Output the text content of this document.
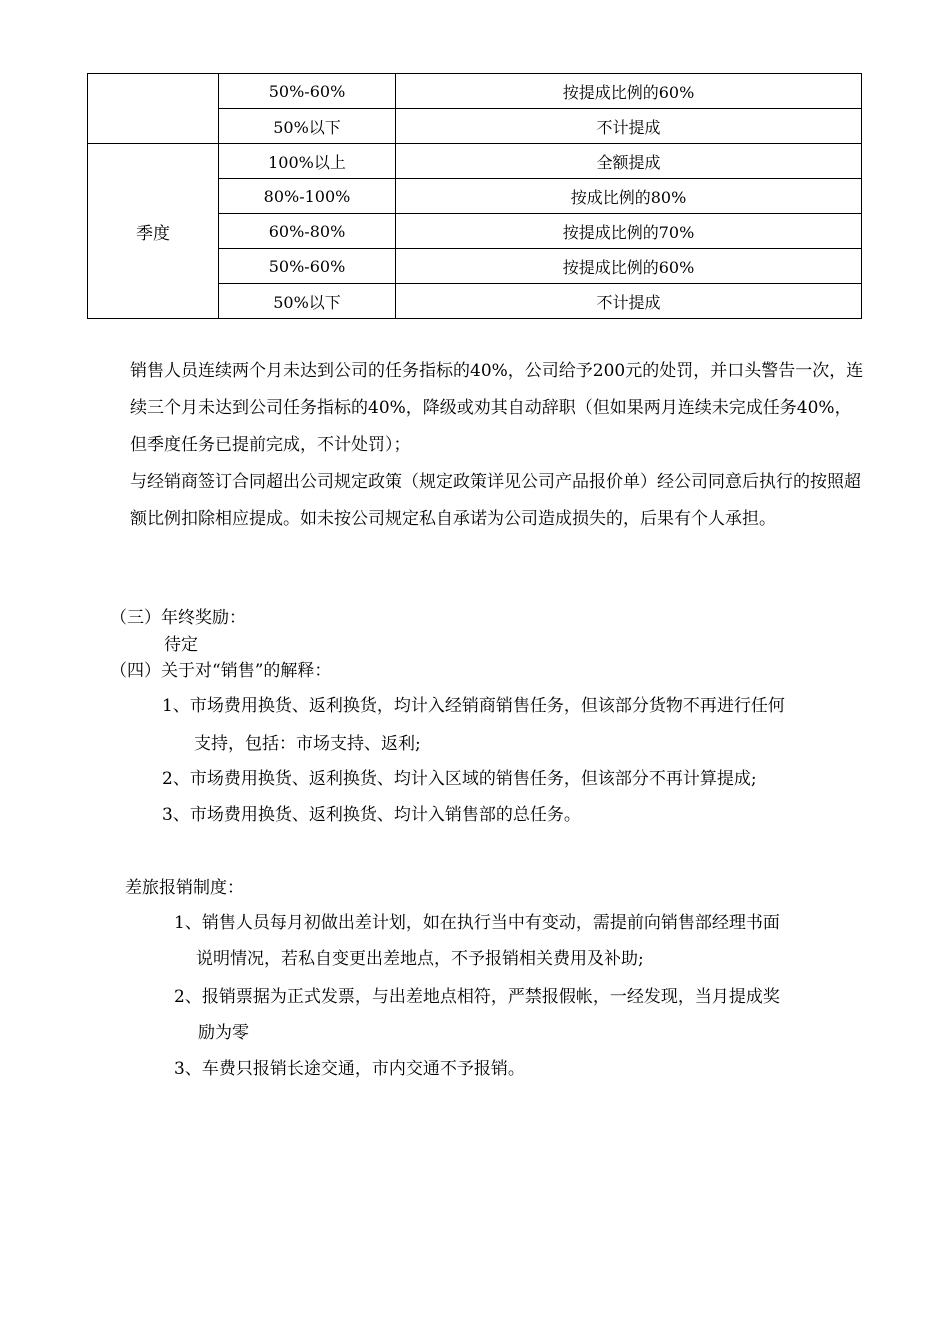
	50%-60%	按提成比例的60%
	50%以下	不计提成
季度	100%以上	全额提成
	80%-100%	按成比例的80%
	60%-80%	按提成比例的70%
	50%-60%	按提成比例的60%
	50%以下	不计提成
销售人员连续两个月未达到公司的任务指标的40%，公司给予200元的处罚，并口头警告一次，连续三个月未达到公司任务指标的40%，降级或劝其自动辞职（但如果两月连续未完成任务40%，但季度任务已提前完成，不计处罚）；
与经销商签订合同超出公司规定政策（规定政策详见公司产品报价单）经公司同意后执行的按照超额比例扣除相应提成。如未按公司规定私自承诺为公司造成损失的，后果有个人承担。

（三）年终奖励：

待定

（四）关于对“销售”的解释：

1、市场费用换货、返利换货，均计入经销商销售任务，但该部分货物不再进行任何

支持，包括：市场支持、返利;

2、市场费用换货、返利换货、均计入区域的销售任务，但该部分不再计算提成;

3、市场费用换货、返利换货、均计入销售部的总任务。

差旅报销制度：

1、销售人员每月初做出差计划，如在执行当中有变动，需提前向销售部经理书面

说明情况，若私自变更出差地点，不予报销相关费用及补助;

2、报销票据为正式发票，与出差地点相符，严禁报假帐，一经发现，当月提成奖

励为零

3、车费只报销长途交通，市内交通不予报销。
